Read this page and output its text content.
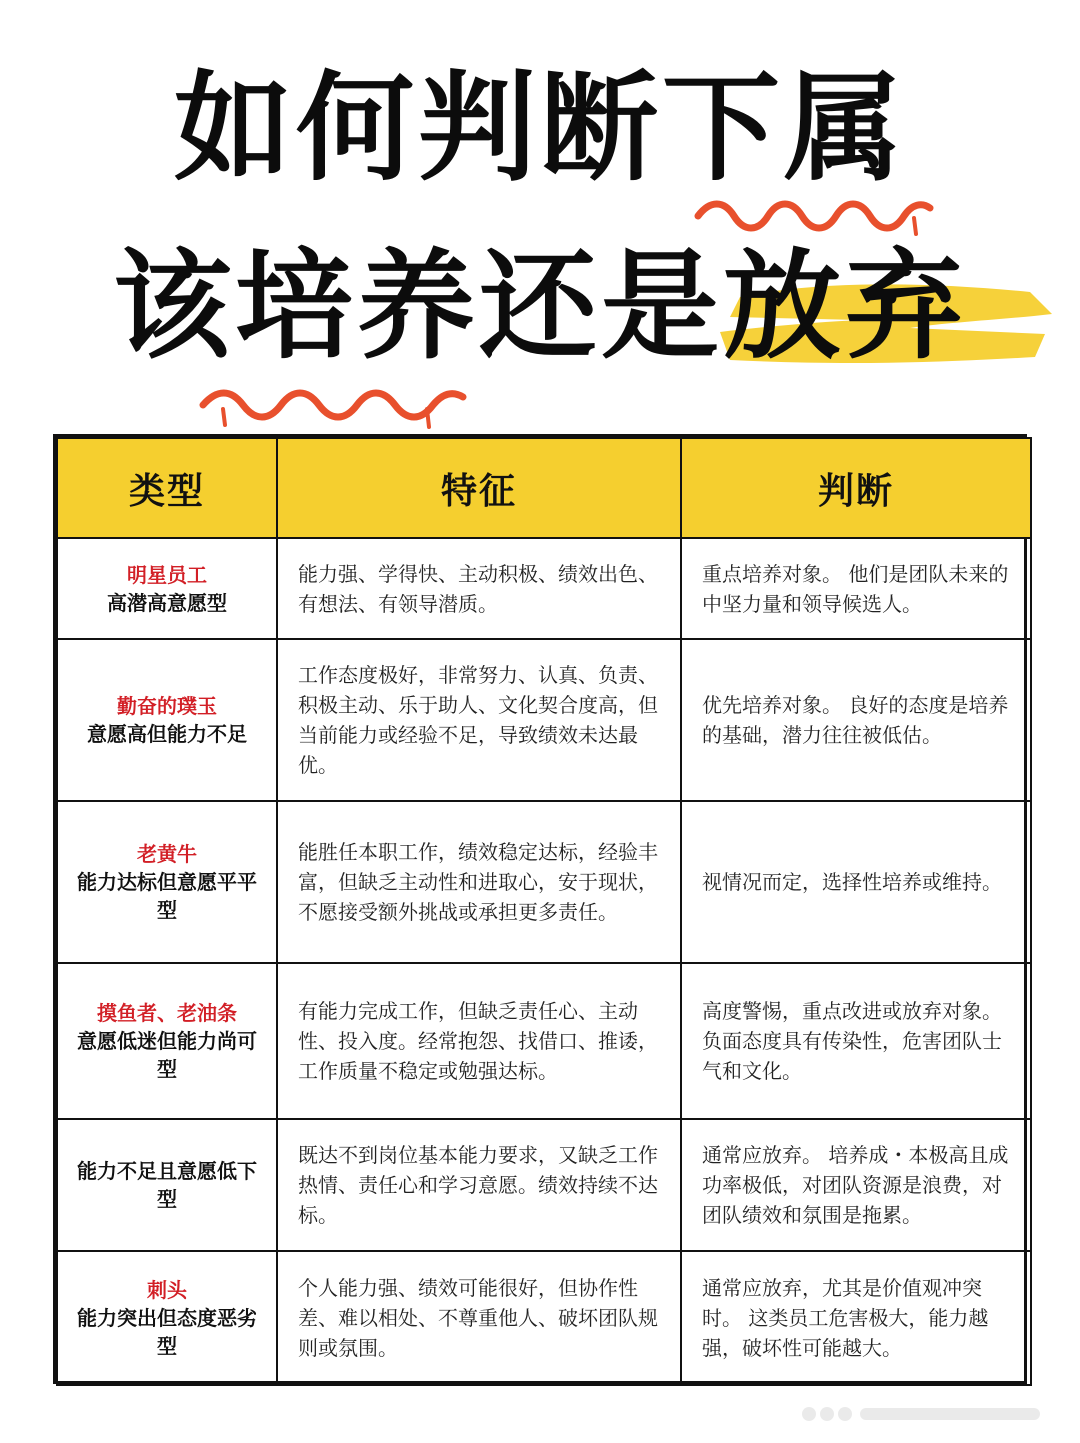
如何判断下属
该培养还是放弃
类型	特征	判断

明星员工
高潜高意愿型	能力强、学得快、主动积极、绩效出色、有想法、有领导潜质。	重点培养对象。 他们是团队未来的中坚力量和领导候选人。

勤奋的璞玉
意愿高但能力不足	工作态度极好，非常努力、认真、负责、积极主动、乐于助人、文化契合度高，但当前能力或经验不足，导致绩效未达最优。	优先培养对象。 良好的态度是培养的基础，潜力往往被低估。

老黄牛
能力达标但意愿平平型	能胜任本职工作，绩效稳定达标，经验丰富，但缺乏主动性和进取心，安于现状，不愿接受额外挑战或承担更多责任。	视情况而定，选择性培养或维持。

摸鱼者、老油条
意愿低迷但能力尚可型	有能力完成工作，但缺乏责任心、主动性、投入度。经常抱怨、找借口、推诿，工作质量不稳定或勉强达标。	高度警惕，重点改进或放弃对象。 负面态度具有传染性，危害团队士气和文化。

能力不足且意愿低下型	既达不到岗位基本能力要求，又缺乏工作热情、责任心和学习意愿。绩效持续不达标。	通常应放弃。 培养成・本极高且成功率极低，对团队资源是浪费，对团队绩效和氛围是拖累。

刺头
能力突出但态度恶劣型	个人能力强、绩效可能很好，但协作性差、难以相处、不尊重他人、破坏团队规则或氛围。	通常应放弃，尤其是价值观冲突时。 这类员工危害极大，能力越强，破坏性可能越大。
